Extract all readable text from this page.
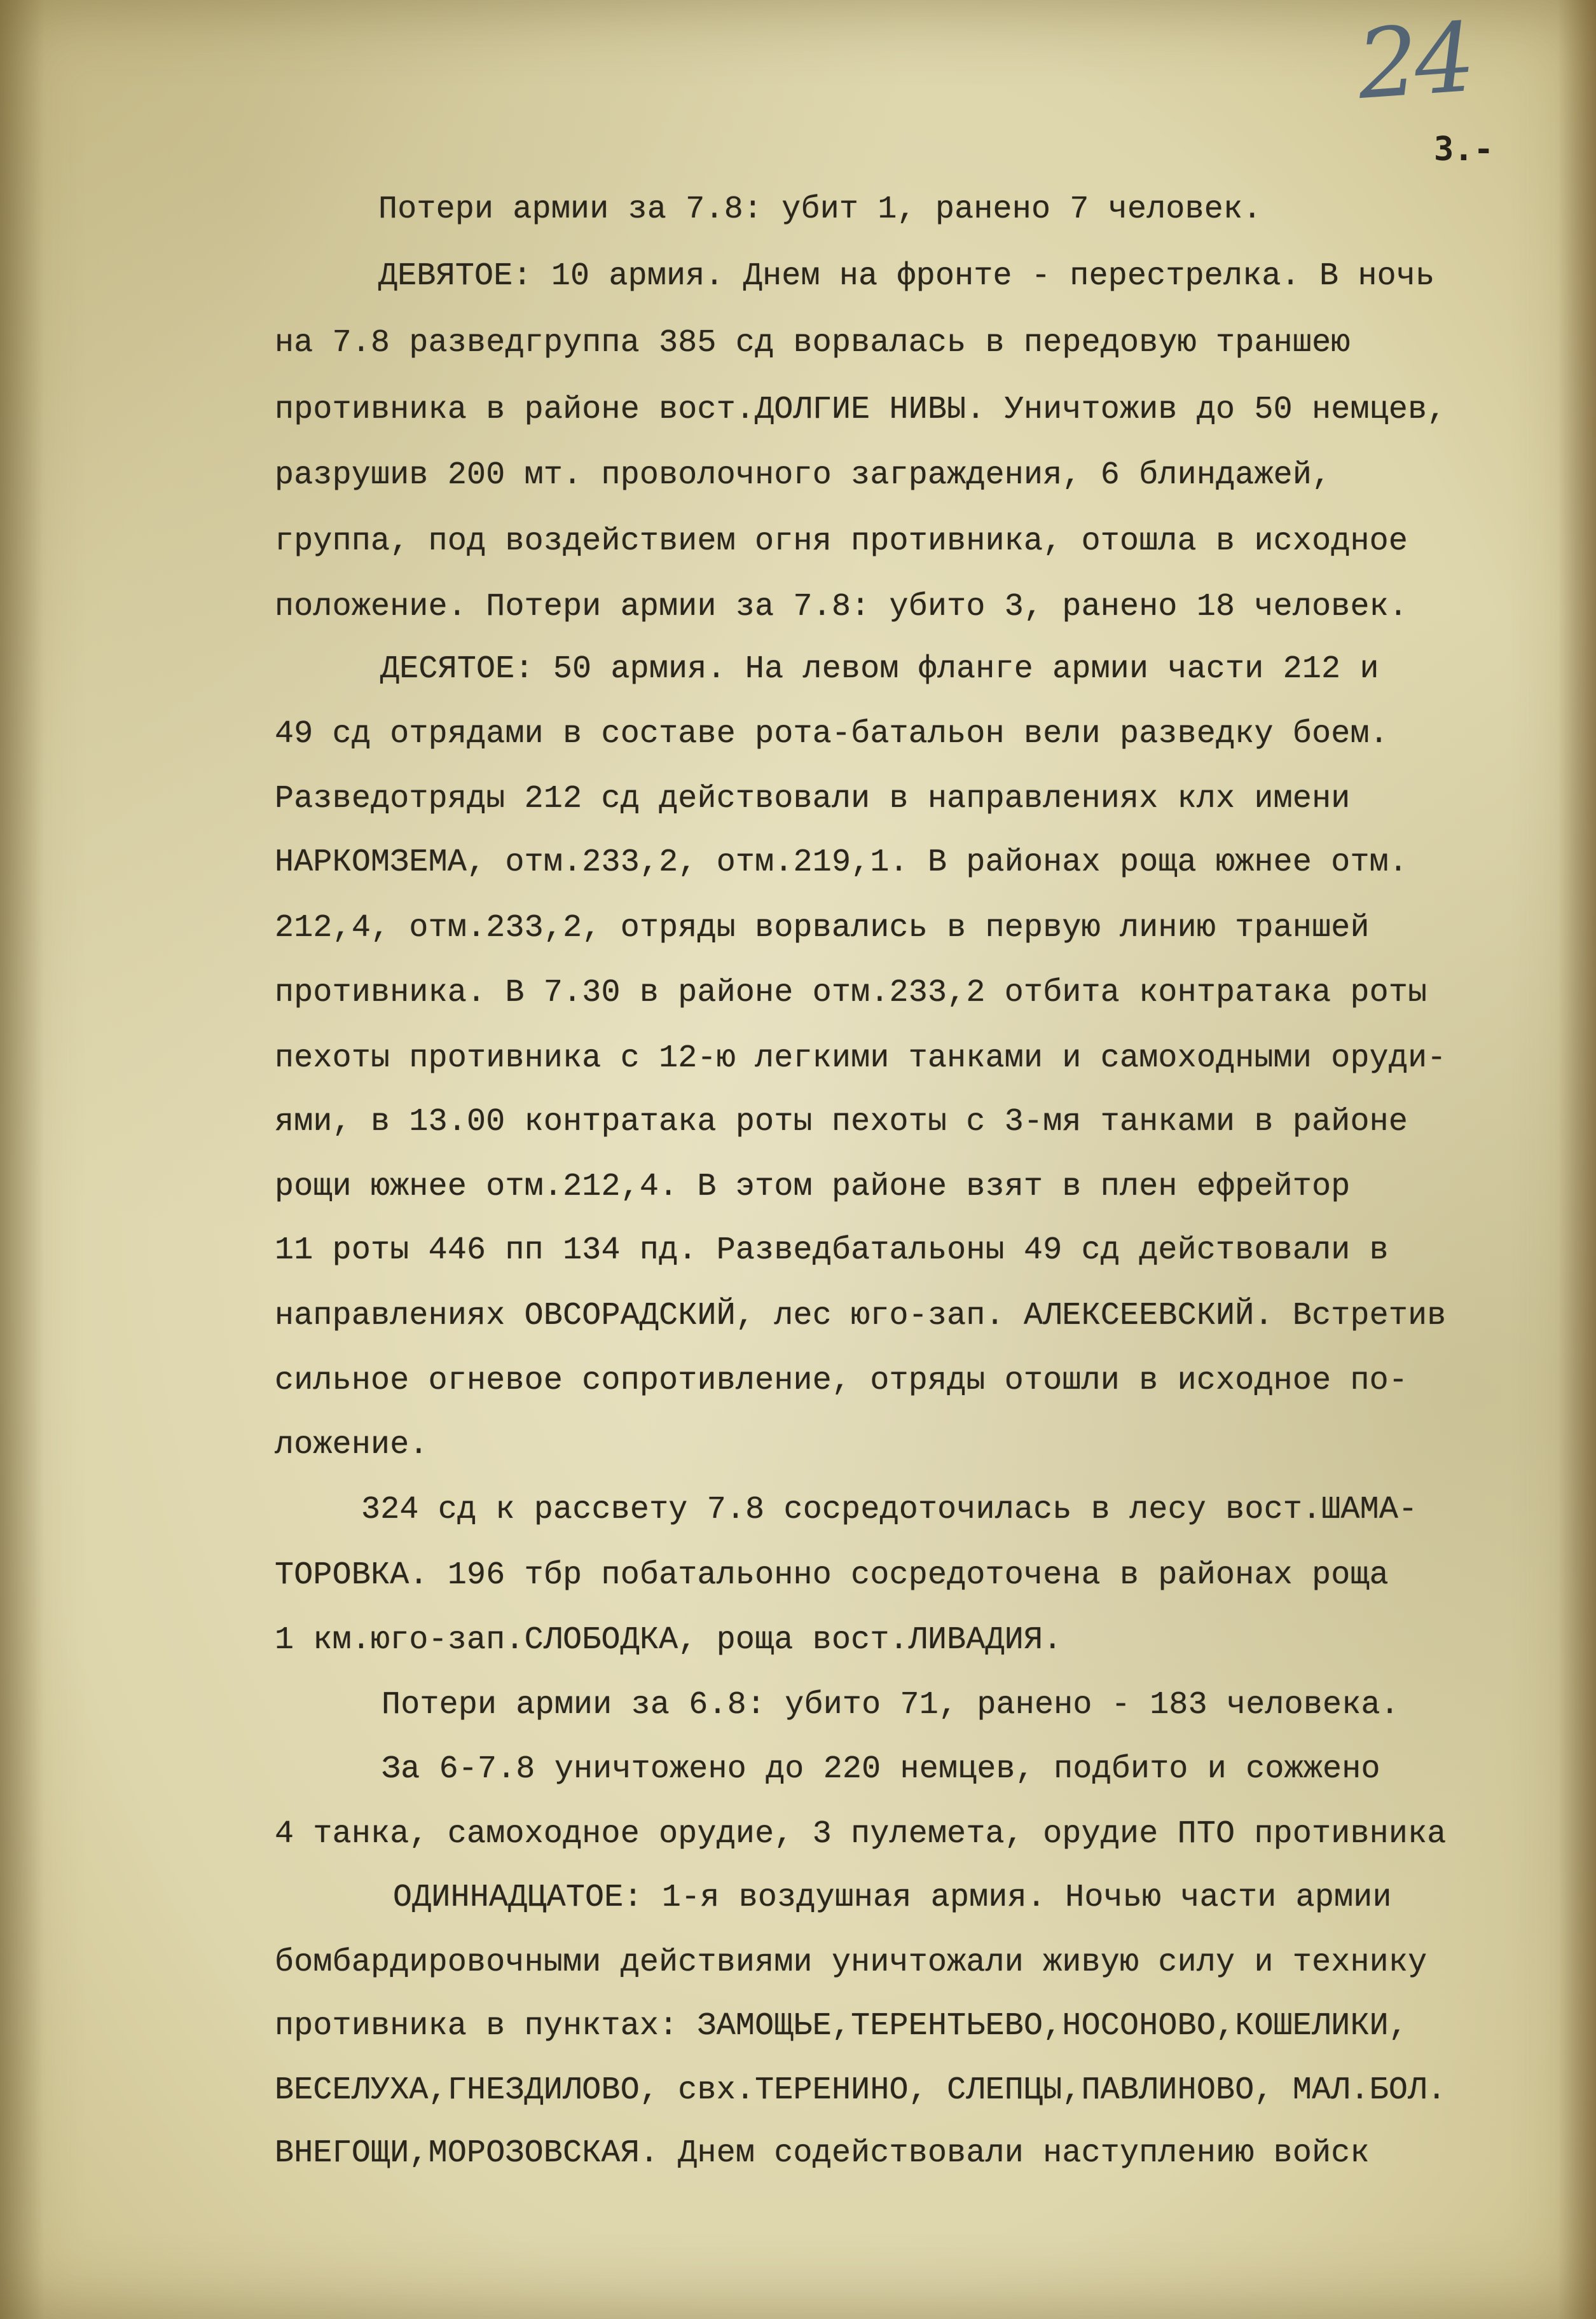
24
3.-
Потери армии за 7.8: убит 1, ранено 7 человек.
ДЕВЯТОЕ: 10 армия. Днем на фронте - перестрелка. В ночь
на 7.8 разведгруппа 385 сд ворвалась в передовую траншею
противника в районе вост.ДОЛГИЕ НИВЫ. Уничтожив до 50 немцев,
разрушив 200 мт. проволочного заграждения, 6 блиндажей,
группа, под воздействием огня противника, отошла в исходное
положение. Потери армии за 7.8: убито 3, ранено 18 человек.
ДЕСЯТОЕ: 50 армия. На левом фланге армии части 212 и
49 сд отрядами в составе рота-батальон вели разведку боем.
Разведотряды 212 сд действовали в направлениях клх имени
НАРКОМЗЕМА, отм.233,2, отм.219,1. В районах роща южнее отм.
212,4, отм.233,2, отряды ворвались в первую линию траншей
противника. В 7.30 в районе отм.233,2 отбита контратака роты
пехоты противника с 12-ю легкими танками и самоходными оруди-
ями, в 13.00 контратака роты пехоты с 3-мя танками в районе
рощи южнее отм.212,4. В этом районе взят в плен ефрейтор
11 роты 446 пп 134 пд. Разведбатальоны 49 сд действовали в
направлениях ОВСОРАДСКИЙ, лес юго-зап. АЛЕКСЕЕВСКИЙ. Встретив
сильное огневое сопротивление, отряды отошли в исходное по-
ложение.
324 сд к рассвету 7.8 сосредоточилась в лесу вост.ШАМА-
ТОРОВКА. 196 тбр побатальонно сосредоточена в районах роща
1 км.юго-зап.СЛОБОДКА, роща вост.ЛИВАДИЯ.
Потери армии за 6.8: убито 71, ранено - 183 человека.
За 6-7.8 уничтожено до 220 немцев, подбито и сожжено
4 танка, самоходное орудие, 3 пулемета, орудие ПТО противника
ОДИННАДЦАТОЕ: 1-я воздушная армия. Ночью части армии
бомбардировочными действиями уничтожали живую силу и технику
противника в пунктах: ЗАМОЩЬЕ,ТЕРЕНТЬЕВО,НОСОНОВО,КОШЕЛИКИ,
ВЕСЕЛУХА,ГНЕЗДИЛОВО, свх.ТЕРЕНИНО, СЛЕПЦЫ,ПАВЛИНОВО, МАЛ.БОЛ.
ВНЕГОЩИ,МОРОЗОВСКАЯ. Днем содействовали наступлению войск
